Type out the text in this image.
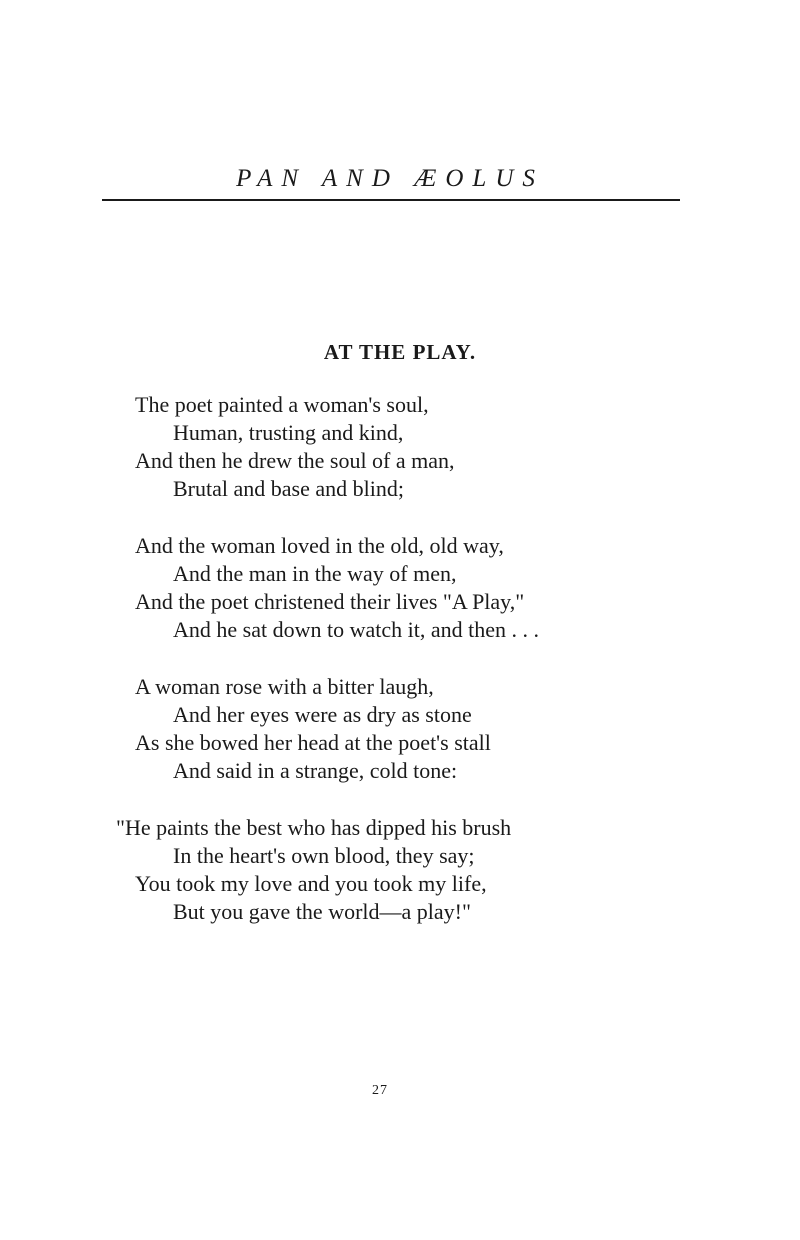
PAN AND ÆOLUS
AT THE PLAY.
The poet painted a woman's soul,
Human, trusting and kind,
And then he drew the soul of a man,
Brutal and base and blind;
And the woman loved in the old, old way,
And the man in the way of men,
And the poet christened their lives "A Play,"
And he sat down to watch it, and then . . .
A woman rose with a bitter laugh,
And her eyes were as dry as stone
As she bowed her head at the poet's stall
And said in a strange, cold tone:
"He paints the best who has dipped his brush
In the heart's own blood, they say;
You took my love and you took my life,
But you gave the world—a play!"
27
